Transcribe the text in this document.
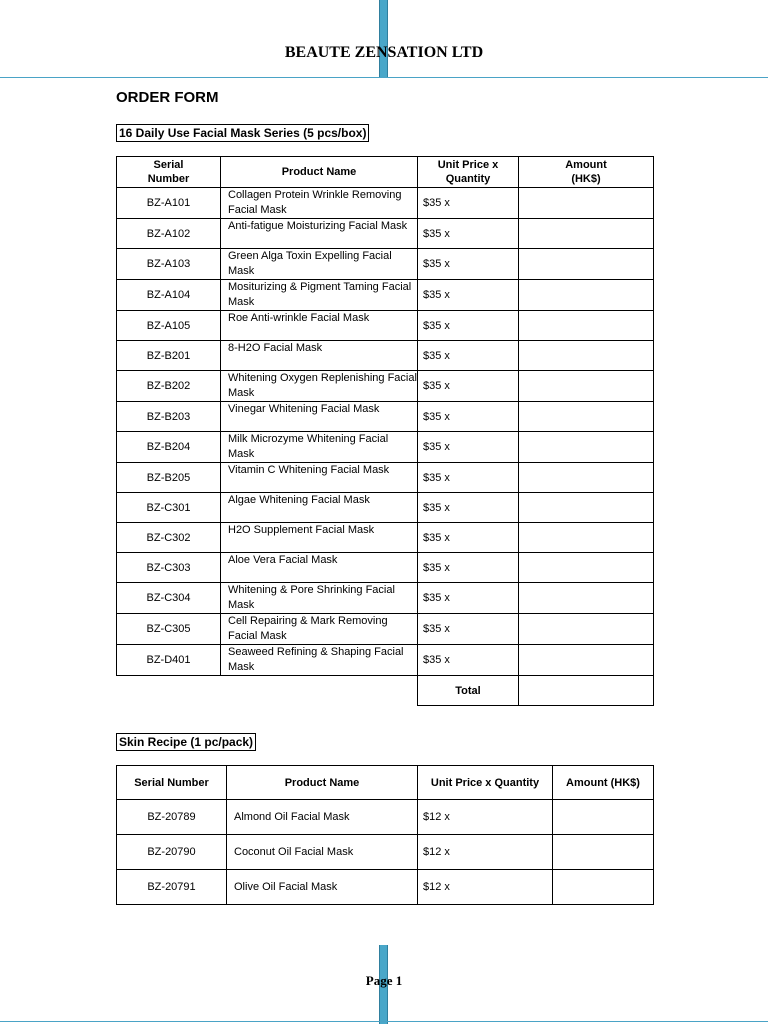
BEAUTE ZENSATION LTD
ORDER FORM
16 Daily Use Facial Mask Series (5 pcs/box)
Serial Number	Product Name	Unit Price x Quantity	Amount (HK$)
BZ-A101	Collagen Protein Wrinkle Removing Facial Mask	$35 x	
BZ-A102	Anti-fatigue Moisturizing Facial Mask	$35 x	
BZ-A103	Green Alga Toxin Expelling Facial Mask	$35 x	
BZ-A104	Mositurizing & Pigment Taming Facial Mask	$35 x	
BZ-A105	Roe Anti-wrinkle Facial Mask	$35 x	
BZ-B201	8-H2O Facial Mask	$35 x	
BZ-B202	Whitening Oxygen Replenishing Facial Mask	$35 x	
BZ-B203	Vinegar Whitening Facial Mask	$35 x	
BZ-B204	Milk Microzyme Whitening Facial Mask	$35 x	
BZ-B205	Vitamin C Whitening Facial Mask	$35 x	
BZ-C301	Algae Whitening Facial Mask	$35 x	
BZ-C302	H2O Supplement Facial Mask	$35 x	
BZ-C303	Aloe Vera Facial Mask	$35 x	
BZ-C304	Whitening & Pore Shrinking Facial Mask	$35 x	
BZ-C305	Cell Repairing & Mark Removing Facial Mask	$35 x	
BZ-D401	Seaweed Refining & Shaping Facial Mask	$35 x	
		Total	
Skin Recipe (1 pc/pack)
Serial Number	Product Name	Unit Price x Quantity	Amount (HK$)
BZ-20789	Almond Oil Facial Mask	$12 x	
BZ-20790	Coconut Oil Facial Mask	$12 x	
BZ-20791	Olive Oil Facial Mask	$12 x	
Page 1
